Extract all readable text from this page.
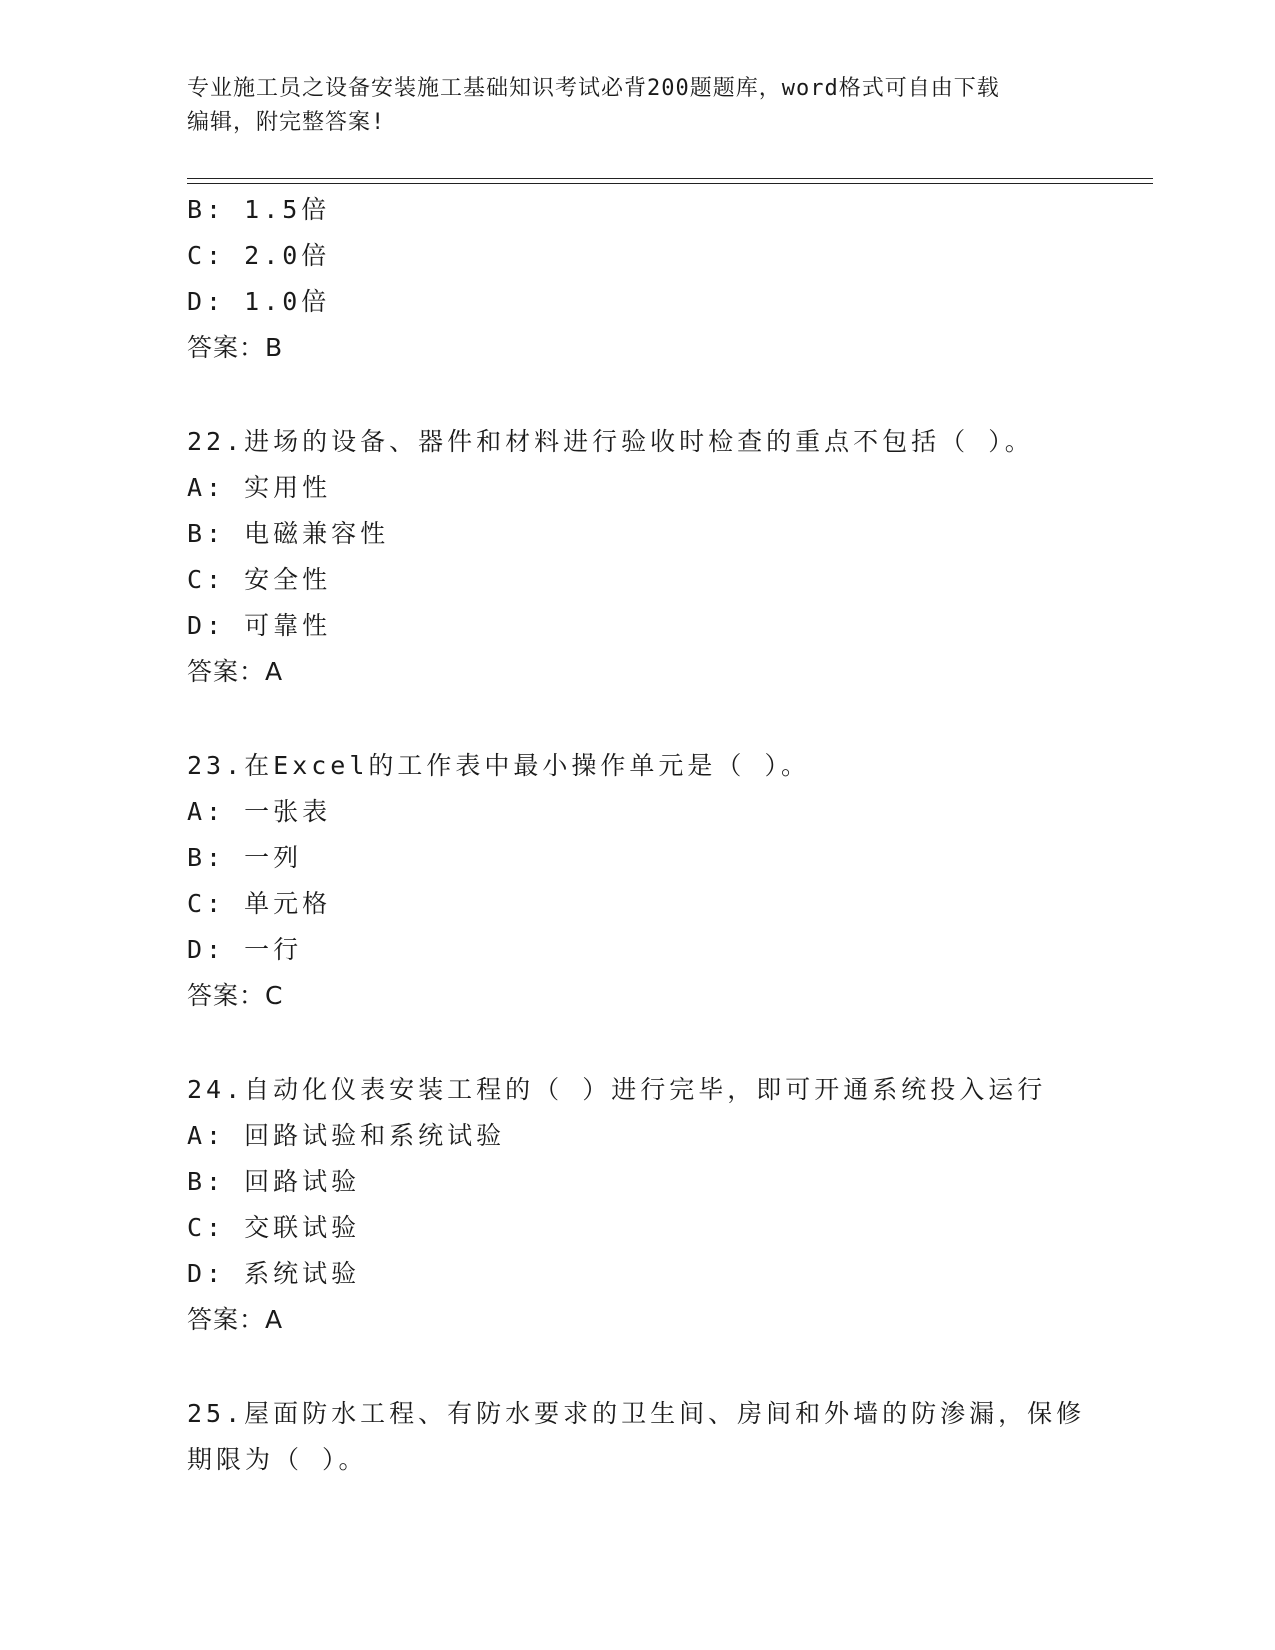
专业施工员之设备安装施工基础知识考试必背200题题库，word格式可自由下载
编辑，附完整答案!
B: 1.5倍
C: 2.0倍
D: 1.0倍
答案：B
22.进场的设备、器件和材料进行验收时检查的重点不包括（ ）。
A: 实用性
B: 电磁兼容性
C: 安全性
D: 可靠性
答案：A
23.在Excel的工作表中最小操作单元是（ ）。
A: 一张表
B: 一列
C: 单元格
D: 一行
答案：C
24.自动化仪表安装工程的（ ）进行完毕，即可开通系统投入运行
A: 回路试验和系统试验
B: 回路试验
C: 交联试验
D: 系统试验
答案：A
25.屋面防水工程、有防水要求的卫生间、房间和外墙的防渗漏，保修
期限为（ ）。
